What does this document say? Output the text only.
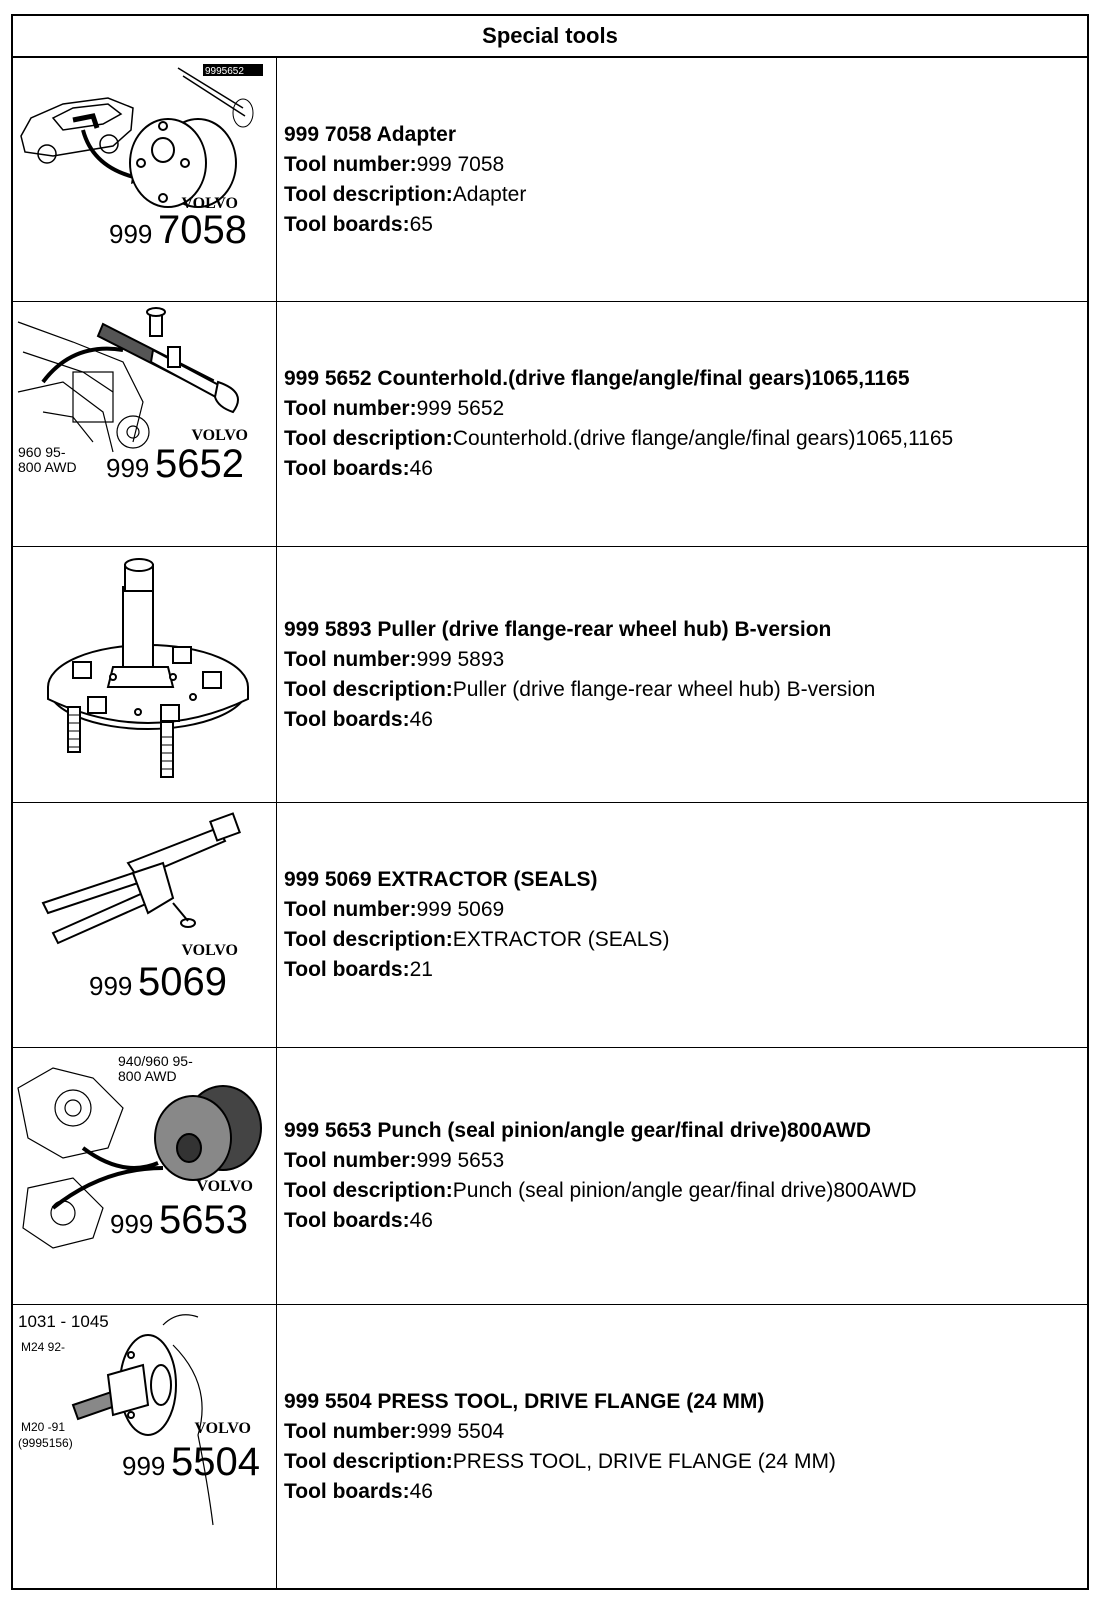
Special tools
9995652
VOLVO
999 7058
999 7058 Adapter
Tool number:999 7058
Tool description:Adapter
Tool boards:65
VOLVO
960 95-
800 AWD 999 5652
999 5652 Counterhold.(drive flange/angle/final gears)1065,1165
Tool number:999 5652
Tool description:Counterhold.(drive flange/angle/final gears)1065,1165
Tool boards:46
999 5893 Puller (drive flange-rear wheel hub) B-version
Tool number:999 5893
Tool description:Puller (drive flange-rear wheel hub) B-version
Tool boards:46
VOLVO
999 5069
999 5069 EXTRACTOR (SEALS)
Tool number:999 5069
Tool description:EXTRACTOR (SEALS)
Tool boards:21
940/960 95-
800 AWD
VOLVO
999 5653
999 5653 Punch (seal pinion/angle gear/final drive)800AWD
Tool number:999 5653
Tool description:Punch (seal pinion/angle gear/final drive)800AWD
Tool boards:46
1031 - 1045
M24 92-
M20 -91
(9995156)
VOLVO
999 5504
999 5504 PRESS TOOL, DRIVE FLANGE (24 MM)
Tool number:999 5504
Tool description:PRESS TOOL, DRIVE FLANGE (24 MM)
Tool boards:46
